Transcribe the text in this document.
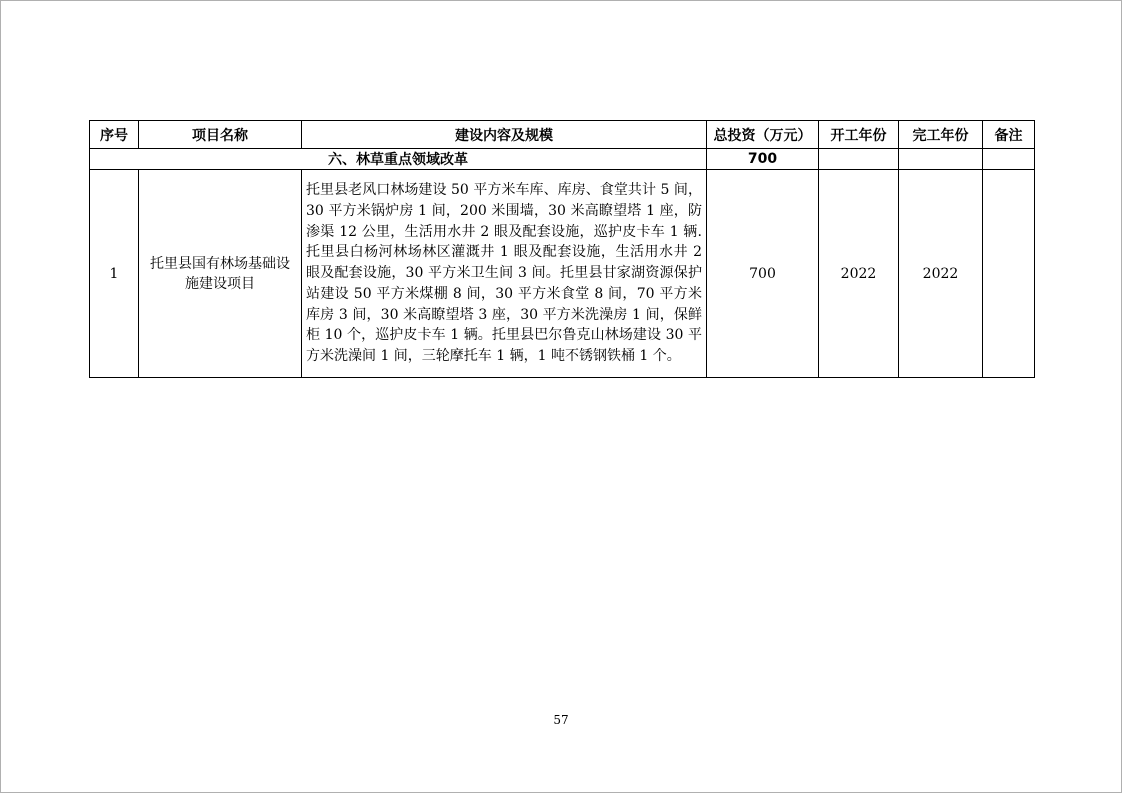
序号	项目名称	建设内容及规模	总投资（万元）	开工年份	完工年份	备注
六、林草重点领域改革			700			
1	托里县国有林场基础设施建设项目	托里县老风口林场建设 50 平方米车库、库房、食堂共计 5 间，30 平方米锅炉房 1 间，200 米围墙，30 米高瞭望塔 1 座，防渗渠 12 公里，生活用水井 2 眼及配套设施，巡护皮卡车 1 辆. 托里县白杨河林场林区灌溉井 1 眼及配套设施，生活用水井 2 眼及配套设施，30 平方米卫生间 3 间。托里县甘家湖资源保护站建设 50 平方米煤棚 8 间，30 平方米食堂 8 间，70 平方米库房 3 间，30 米高瞭望塔 3 座，30 平方米洗澡房 1 间，保鲜柜 10 个，巡护皮卡车 1 辆。托里县巴尔鲁克山林场建设 30 平方米洗澡间 1 间，三轮摩托车 1 辆，1 吨不锈钢铁桶 1 个。	700	2022	2022	
57
